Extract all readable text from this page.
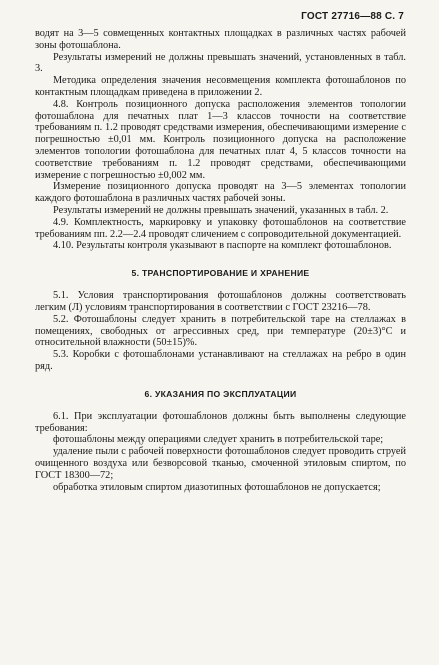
ГОСТ 27716—88 С. 7

водят на 3—5 совмещенных контактных площадках в различных частях рабочей зоны фотошаблона.

Результаты измерений не должны превышать значений, установленных в табл. 3.

Методика определения значения несовмещения комплекта фотошаблонов по контактным площадкам приведена в приложении 2.

4.8. Контроль позиционного допуска расположения элементов топологии фотошаблона для печатных плат 1—3 классов точности на соответствие требованиям п. 1.2 проводят средствами измерения, обеспечивающими измерение с погрешностью ±0,01 мм. Контроль позиционного допуска на расположение элементов топологии фотошаблона для печатных плат 4, 5 классов точности на соответствие требованиям п. 1.2 проводят средствами, обеспечивающими измерение с погрешностью ±0,002 мм.

Измерение позиционного допуска проводят на 3—5 элементах топологии каждого фотошаблона в различных частях рабочей зоны.

Результаты измерений не должны превышать значений, указанных в табл. 2.

4.9. Комплектность, маркировку и упаковку фотошаблонов на соответствие требованиям пп. 2.2—2.4 проводят сличением с сопроводительной документацией.

4.10. Результаты контроля указывают в паспорте на комплект фотошаблонов.

5. ТРАНСПОРТИРОВАНИЕ И ХРАНЕНИЕ

5.1. Условия транспортирования фотошаблонов должны соответствовать легким (Л) условиям транспортирования в соответствии с ГОСТ 23216—78.

5.2. Фотошаблоны следует хранить в потребительской таре на стеллажах в помещениях, свободных от агрессивных сред, при температуре (20±3)°С и относительной влажности (50±15)%.

5.3. Коробки с фотошаблонами устанавливают на стеллажах на ребро в один ряд.

6. УКАЗАНИЯ ПО ЭКСПЛУАТАЦИИ

6.1. При эксплуатации фотошаблонов должны быть выполнены следующие требования:

фотошаблоны между операциями следует хранить в потребительской таре;

удаление пыли с рабочей поверхности фотошаблонов следует проводить струей очищенного воздуха или безворсовой тканью, смоченной этиловым спиртом, по ГОСТ 18300—72;

обработка этиловым спиртом диазотипных фотошаблонов не допускается;
